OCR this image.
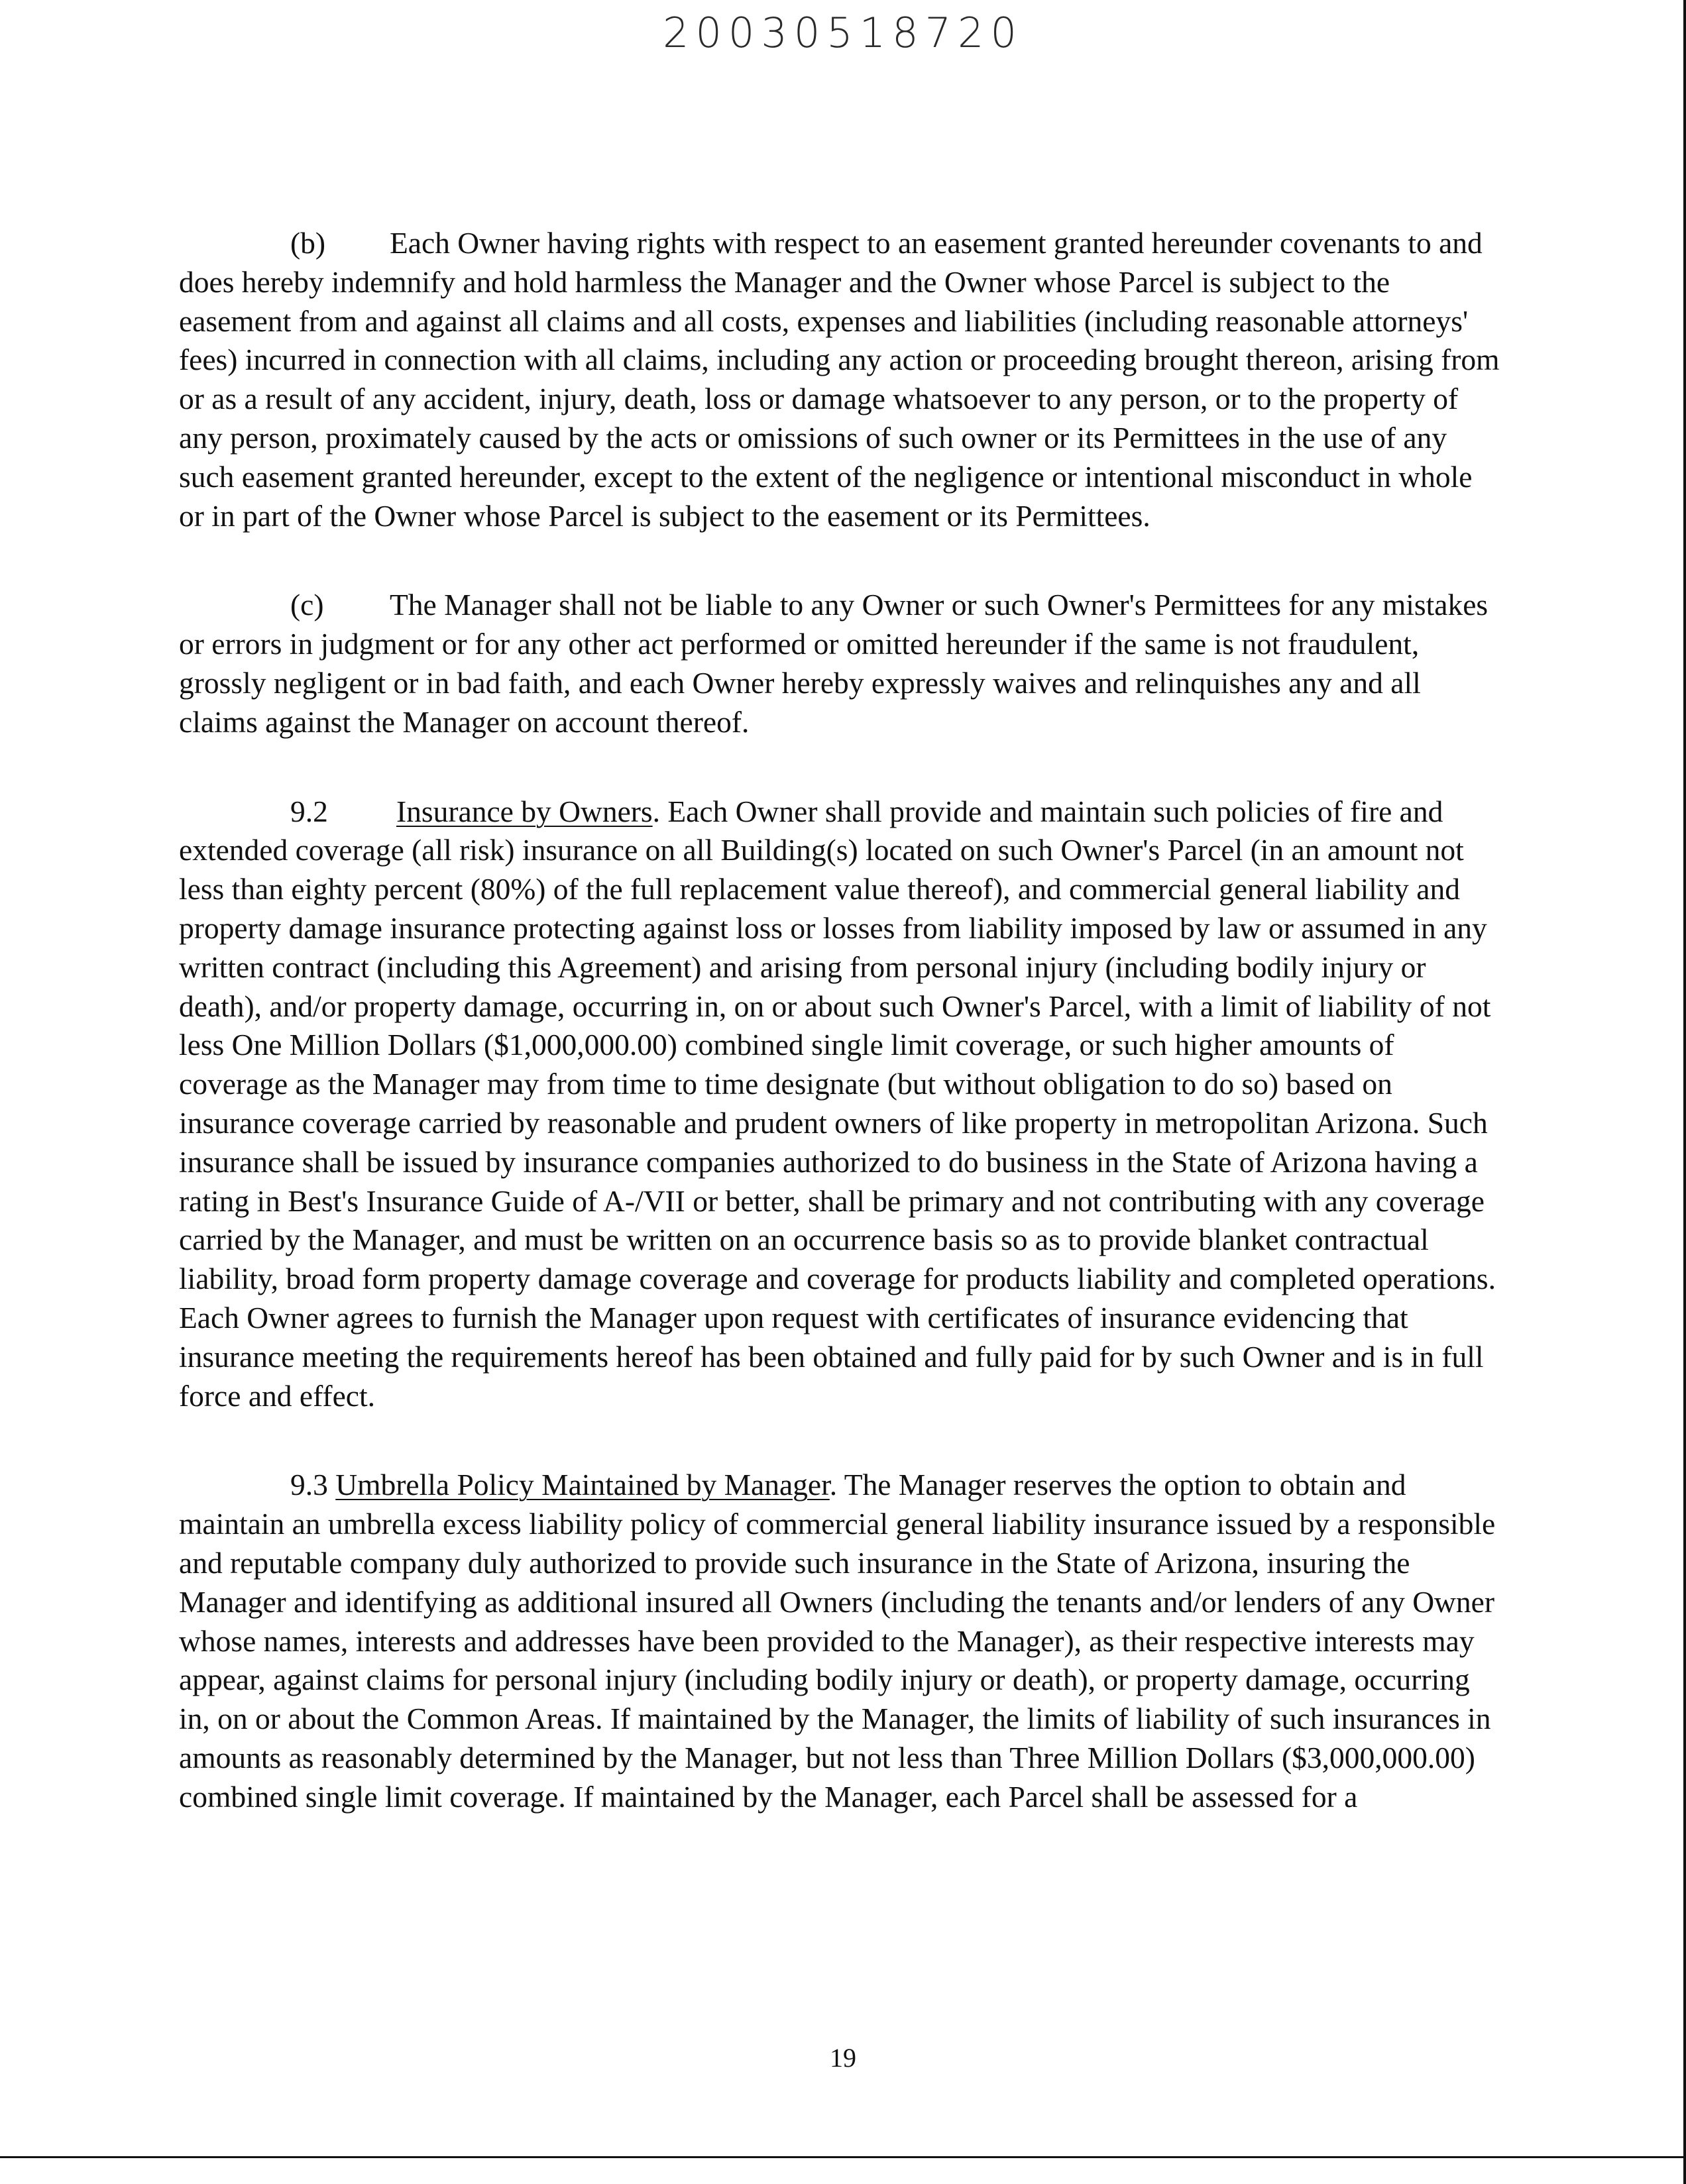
20030518720

(b) Each Owner having rights with respect to an easement granted hereunder covenants to and does hereby indemnify and hold harmless the Manager and the Owner whose Parcel is subject to the easement from and against all claims and all costs, expenses and liabilities (including reasonable attorneys' fees) incurred in connection with all claims, including any action or proceeding brought thereon, arising from or as a result of any accident, injury, death, loss or damage whatsoever to any person, or to the property of any person, proximately caused by the acts or omissions of such owner or its Permittees in the use of any such easement granted hereunder, except to the extent of the negligence or intentional misconduct in whole or in part of the Owner whose Parcel is subject to the easement or its Permittees.

(c) The Manager shall not be liable to any Owner or such Owner's Permittees for any mistakes or errors in judgment or for any other act performed or omitted hereunder if the same is not fraudulent, grossly negligent or in bad faith, and each Owner hereby expressly waives and relinquishes any and all claims against the Manager on account thereof.

9.2 Insurance by Owners. Each Owner shall provide and maintain such policies of fire and extended coverage (all risk) insurance on all Building(s) located on such Owner's Parcel (in an amount not less than eighty percent (80%) of the full replacement value thereof), and commercial general liability and property damage insurance protecting against loss or losses from liability imposed by law or assumed in any written contract (including this Agreement) and arising from personal injury (including bodily injury or death), and/or property damage, occurring in, on or about such Owner's Parcel, with a limit of liability of not less One Million Dollars ($1,000,000.00) combined single limit coverage, or such higher amounts of coverage as the Manager may from time to time designate (but without obligation to do so) based on insurance coverage carried by reasonable and prudent owners of like property in metropolitan Arizona. Such insurance shall be issued by insurance companies authorized to do business in the State of Arizona having a rating in Best's Insurance Guide of A-/VII or better, shall be primary and not contributing with any coverage carried by the Manager, and must be written on an occurrence basis so as to provide blanket contractual liability, broad form property damage coverage and coverage for products liability and completed operations. Each Owner agrees to furnish the Manager upon request with certificates of insurance evidencing that insurance meeting the requirements hereof has been obtained and fully paid for by such Owner and is in full force and effect.

9.3 Umbrella Policy Maintained by Manager. The Manager reserves the option to obtain and maintain an umbrella excess liability policy of commercial general liability insurance issued by a responsible and reputable company duly authorized to provide such insurance in the State of Arizona, insuring the Manager and identifying as additional insured all Owners (including the tenants and/or lenders of any Owner whose names, interests and addresses have been provided to the Manager), as their respective interests may appear, against claims for personal injury (including bodily injury or death), or property damage, occurring in, on or about the Common Areas. If maintained by the Manager, the limits of liability of such insurances in amounts as reasonably determined by the Manager, but not less than Three Million Dollars ($3,000,000.00) combined single limit coverage. If maintained by the Manager, each Parcel shall be assessed for a

19
